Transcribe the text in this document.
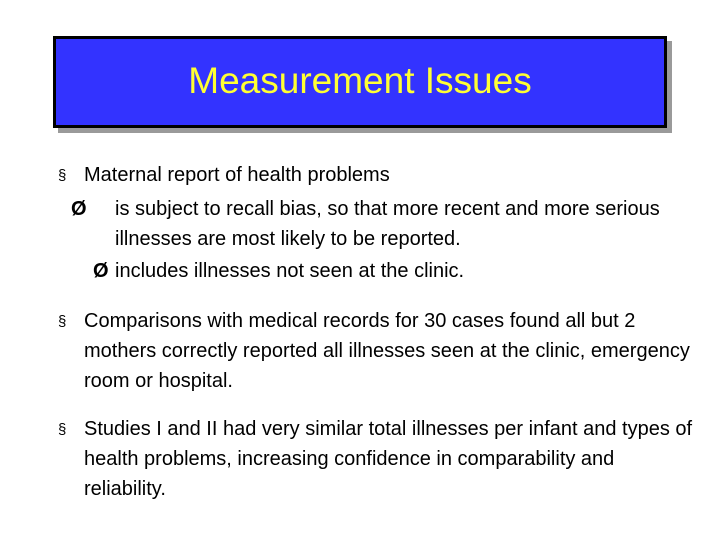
Measurement Issues
§ Maternal report of health problems
Ø is subject to recall bias, so that more recent and more serious illnesses are most likely to be reported.
Ø includes illnesses not seen at the clinic.
§ Comparisons with medical records for 30 cases found all but 2 mothers correctly reported all illnesses seen at the clinic, emergency room or hospital.
§ Studies I and II had very similar total illnesses per infant and types of health problems, increasing confidence in comparability and reliability.
